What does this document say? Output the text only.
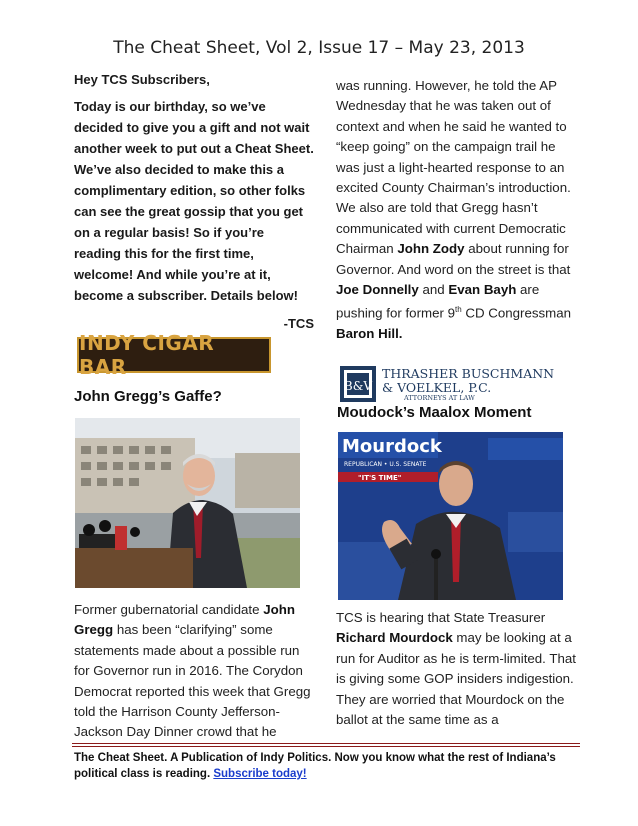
The Cheat Sheet, Vol 2, Issue 17 – May 23, 2013
Hey TCS Subscribers,
Today is our birthday, so we’ve decided to give you a gift and not wait another week to put out a Cheat Sheet. We’ve also decided to make this a complimentary edition, so other folks can see the great gossip that you get on a regular basis! So if you’re reading this for the first time, welcome! And while you’re at it, become a subscriber. Details below!
-TCS
INDY CIGAR BAR
John Gregg’s Gaffe?
Former gubernatorial candidate John Gregg has been “clarifying” some statements made about a possible run for Governor run in 2016. The Corydon Democrat reported this week that Gregg told the Harrison County Jefferson-Jackson Day Dinner crowd that he
was running. However, he told the AP Wednesday that he was taken out of context and when he said he wanted to “keep going” on the campaign trail he was just a light-hearted response to an excited County Chairman’s introduction. We also are told that Gregg hasn’t communicated with current Democratic Chairman John Zody about running for Governor. And word on the street is that Joe Donnelly and Evan Bayh are pushing for former 9th CD Congressman Baron Hill.
B&V
THRASHER BUSCHMANN
& VOELKEL, P.C.
ATTORNEYS AT LAW
Moudock’s Maalox Moment
Mourdock
REPUBLICAN • U.S. SENATE
"IT'S TIME"
TCS is hearing that State Treasurer Richard Mourdock may be looking at a run for Auditor as he is term-limited. That is giving some GOP insiders indigestion. They are worried that Mourdock on the ballot at the same time as a
The Cheat Sheet. A Publication of Indy Politics. Now you know what the rest of Indiana’s political class is reading. Subscribe today!
